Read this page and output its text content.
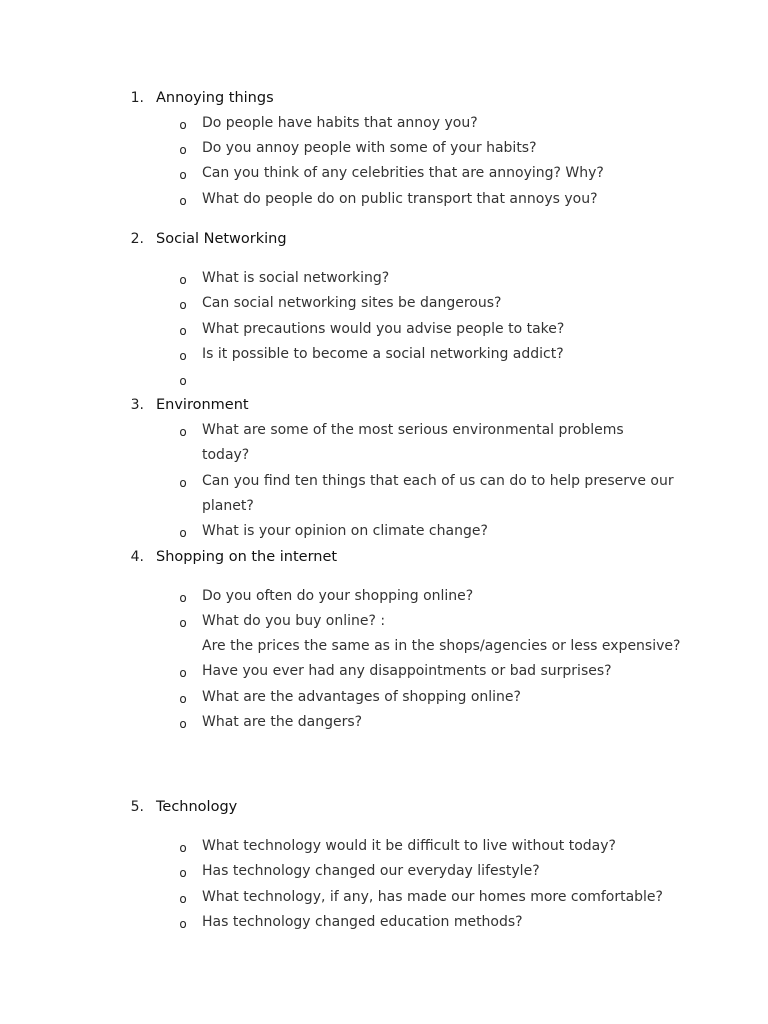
1. Annoying things
o Do people have habits that annoy you?
o Do you annoy people with some of your habits?
o Can you think of any celebrities that are annoying? Why?
o What do people do on public transport that annoys you?
2. Social Networking
o What is social networking?
o Can social networking sites be dangerous?
o What precautions would you advise people to take?
o Is it possible to become a social networking addict?
o
3. Environment
o What are some of the most serious environmental problems
today?
o Can you find ten things that each of us can do to help preserve our
planet?
o What is your opinion on climate change?
4. Shopping on the internet
o Do you often do your shopping online?
o What do you buy online? :
Are the prices the same as in the shops/agencies or less expensive?
o Have you ever had any disappointments or bad surprises?
o What are the advantages of shopping online?
o What are the dangers?
5. Technology
o What technology would it be difficult to live without today?
o Has technology changed our everyday lifestyle?
o What technology, if any, has made our homes more comfortable?
o Has technology changed education methods?
